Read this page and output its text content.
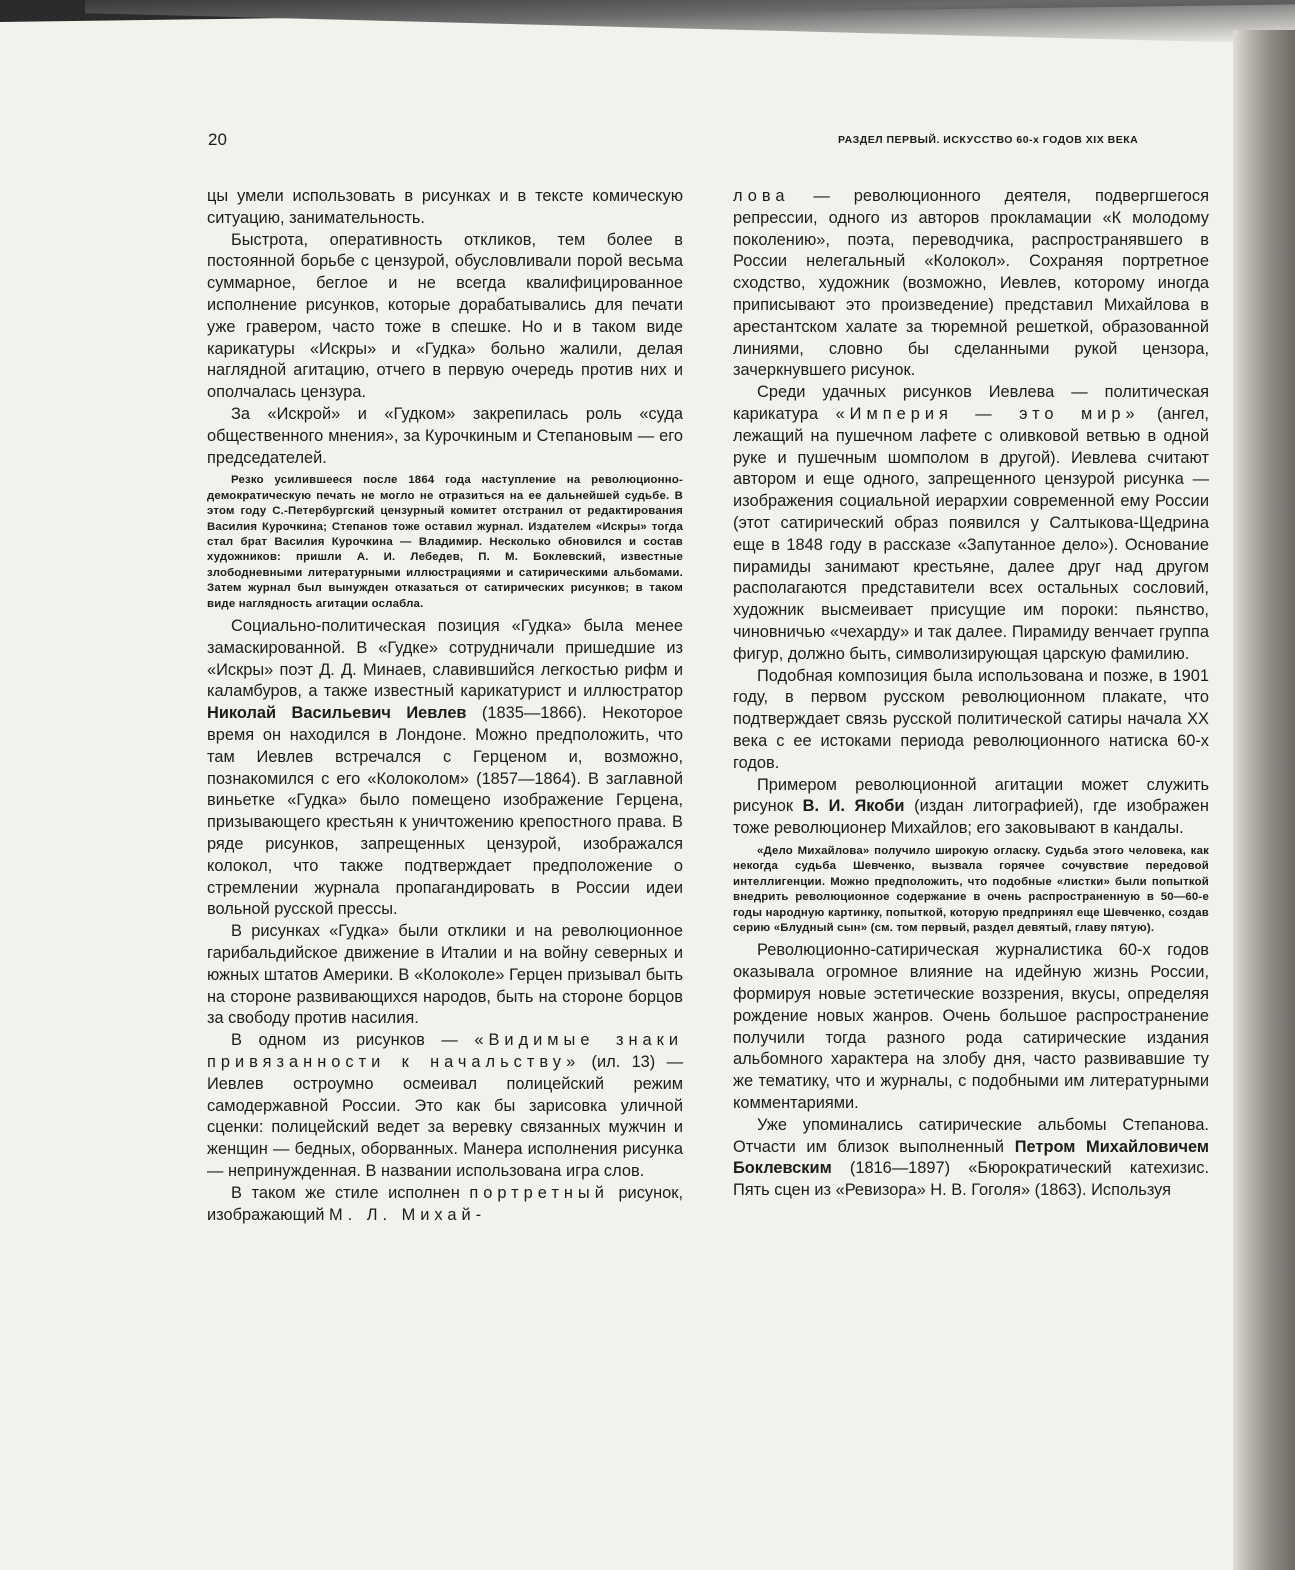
20	РАЗДЕЛ ПЕРВЫЙ. ИСКУССТВО 60-х ГОДОВ XIX ВЕКА

цы умели использовать в рисунках и в тексте комическую ситуацию, занимательность.

Быстрота, оперативность откликов, тем более в постоянной борьбе с цензурой, обусловливали порой весьма суммарное, беглое и не всегда квалифицированное исполнение рисунков, которые дорабатывались для печати уже гравером, часто тоже в спешке. Но и в таком виде карикатуры «Искры» и «Гудка» больно жалили, делая наглядной агитацию, отчего в первую очередь против них и ополчалась цензура.

За «Искрой» и «Гудком» закрепилась роль «суда общественного мнения», за Курочкиным и Степановым — его председателей.

Резко усилившееся после 1864 года наступление на революционно-демократическую печать не могло не отразиться на ее дальнейшей судьбе. В этом году С.-Петербургский цензурный комитет отстранил от редактирования Василия Курочкина; Степанов тоже оставил журнал. Издателем «Искры» тогда стал брат Василия Курочкина — Владимир. Несколько обновился и состав художников: пришли А. И. Лебедев, П. М. Боклевский, известные злободневными литературными иллюстрациями и сатирическими альбомами. Затем журнал был вынужден отказаться от сатирических рисунков; в таком виде наглядность агитации ослабла.

Социально-политическая позиция «Гудка» была менее замаскированной. В «Гудке» сотрудничали пришедшие из «Искры» поэт Д. Д. Минаев, славившийся легкостью рифм и каламбуров, а также известный карикатурист и иллюстратор Николай Васильевич Иевлев (1835—1866). Некоторое время он находился в Лондоне. Можно предположить, что там Иевлев встречался с Герценом и, возможно, познакомился с его «Колоколом» (1857—1864). В заглавной виньетке «Гудка» было помещено изображение Герцена, призывающего крестьян к уничтожению крепостного права. В ряде рисунков, запрещенных цензурой, изображался колокол, что также подтверждает предположение о стремлении журнала пропагандировать в России идеи вольной русской прессы.

В рисунках «Гудка» были отклики и на революционное гарибальдийское движение в Италии и на войну северных и южных штатов Америки. В «Колоколе» Герцен призывал быть на стороне развивающихся народов, быть на стороне борцов за свободу против насилия.

В одном из рисунков — «Видимые знаки привязанности к начальству» (ил. 13) — Иевлев остроумно осмеивал полицейский режим самодержавной России. Это как бы зарисовка уличной сценки: полицейский ведет за веревку связанных мужчин и женщин — бедных, оборванных. Манера исполнения рисунка — непринужденная. В названии использована игра слов.

В таком же стиле исполнен портретный рисунок, изображающий М. Л. Михай-

лова — революционного деятеля, подвергшегося репрессии, одного из авторов прокламации «К молодому поколению», поэта, переводчика, распространявшего в России нелегальный «Колокол». Сохраняя портретное сходство, художник (возможно, Иевлев, которому иногда приписывают это произведение) представил Михайлова в арестантском халате за тюремной решеткой, образованной линиями, словно бы сделанными рукой цензора, зачеркнувшего рисунок.

Среди удачных рисунков Иевлева — политическая карикатура «Империя — это мир» (ангел, лежащий на пушечном лафете с оливковой ветвью в одной руке и пушечным шомполом в другой). Иевлева считают автором и еще одного, запрещенного цензурой рисунка — изображения социальной иерархии современной ему России (этот сатирический образ появился у Салтыкова-Щедрина еще в 1848 году в рассказе «Запутанное дело»). Основание пирамиды занимают крестьяне, далее друг над другом располагаются представители всех остальных сословий, художник высмеивает присущие им пороки: пьянство, чиновничью «чехарду» и так далее. Пирамиду венчает группа фигур, должно быть, символизирующая царскую фамилию.

Подобная композиция была использована и позже, в 1901 году, в первом русском революционном плакате, что подтверждает связь русской политической сатиры начала XX века с ее истоками периода революционного натиска 60-х годов.

Примером революционной агитации может служить рисунок В. И. Якоби (издан литографией), где изображен тоже революционер Михайлов; его заковывают в кандалы.

«Дело Михайлова» получило широкую огласку. Судьба этого человека, как некогда судьба Шевченко, вызвала горячее сочувствие передовой интеллигенции. Можно предположить, что подобные «листки» были попыткой внедрить революционное содержание в очень распространенную в 50—60-е годы народную картинку, попыткой, которую предпринял еще Шевченко, создав серию «Блудный сын» (см. том первый, раздел девятый, главу пятую).

Революционно-сатирическая журналистика 60-х годов оказывала огромное влияние на идейную жизнь России, формируя новые эстетические воззрения, вкусы, определяя рождение новых жанров. Очень большое распространение получили тогда разного рода сатирические издания альбомного характера на злобу дня, часто развивавшие ту же тематику, что и журналы, с подобными им литературными комментариями.

Уже упоминались сатирические альбомы Степанова. Отчасти им близок выполненный Петром Михайловичем Боклевским (1816—1897) «Бюрократический катехизис. Пять сцен из «Ревизора» Н. В. Гоголя» (1863). Используя
